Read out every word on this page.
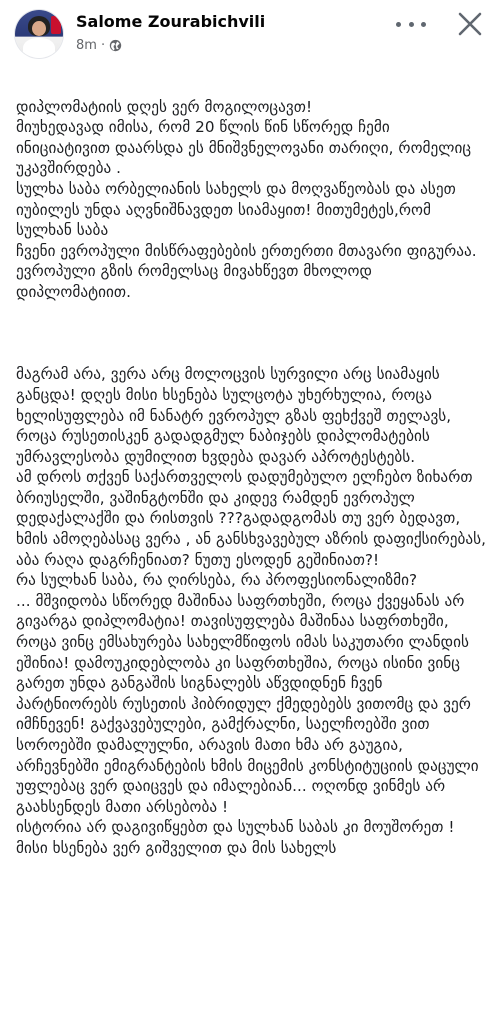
Salome Zourabichvili
8m ·

დიპლომატიის დღეს ვერ მოგილოცავთ!
მიუხედავად იმისა, რომ 20 წლის წინ სწორედ ჩემი ინიციატივით დაარსდა ეს მნიშვნელოვანი თარიღი, რომელიც უკავშირდება .
სულხა საბა ორბელიანის სახელს და მოღვაწეობას და ასეთ იუბილეს უნდა აღვნიშნავდეთ სიამაყით! მითუმეტეს,რომ სულხან საბა
ჩვენი ევროპული მისწრაფებების ერთერთი მთავარი ფიგურაა. ევროპული გზის რომელსაც მივახწევთ მხოლოდ დიპლომატიით.

მაგრამ არა, ვერა არც მოლოცვის სურვილი არც სიამაყის განცდა! დღეს მისი ხსენება სულცოტა უხერხულია, როცა ხელისუფლება იმ ნანატრ ევროპულ გზას ფეხქვეშ თელავს, როცა რუსეთისკენ გადადგმულ ნაბიჯებს დიპლომატების უმრავლესობა დუმილით ხვდება დავარ აპროტესტებს.
ამ დროს თქვენ საქართველოს დადუმებულო ელჩებო ზიხართ ბრიუსელში, ვაშინგტონში და კიდევ რამდენ ევროპულ დედაქალაქში და რისთვის ???გადადგომას თუ ვერ ბედავთ, ხმის ამოღებასაც ვერა , ან განსხვავებულ აზრის დაფიქსირებას, აბა რაღა დაგრჩენიათ? ნუთუ ესოდენ გეშინიათ?!
რა სულხან საბა, რა ღირსება, რა პროფესიონალიზმი?
... მშვიდობა სწორედ მაშინაა საფრთხეში, როცა ქვეყანას არ გივარგა დიპლომატია! თავისუფლება მაშინაა საფრთხეში, როცა ვინც ემსახურება სახელმწიფოს იმას საკუთარი ლანდის ეშინია! დამოუკიდებლობა კი საფრთხეშია, როცა ისინი ვინც გარეთ უნდა განგაშის სიგნალებს აწვდიდნენ ჩვენ პარტნიორებს რუსეთის ჰიბრიდულ ქმედებებს ვითომც და ვერ იმჩნევენ! გაქვავებულები, გამქრალნი, საელჩოებში ვით სოროებში დამალულნი, არავის მათი ხმა არ გაუგია, არჩევნებში ემიგრანტების ხმის მიცემის კონსტიტუციის დაცული უფლებაც ვერ დაიცვეს და იმალებიან... ოღონდ ვინმეს არ გაახსენდეს მათი არსებობა !
ისტორია არ დაგივიწყებთ და სულხან საბას კი მოუშორეთ ! მისი ხსენება ვერ გიშველით და მის სახელს
